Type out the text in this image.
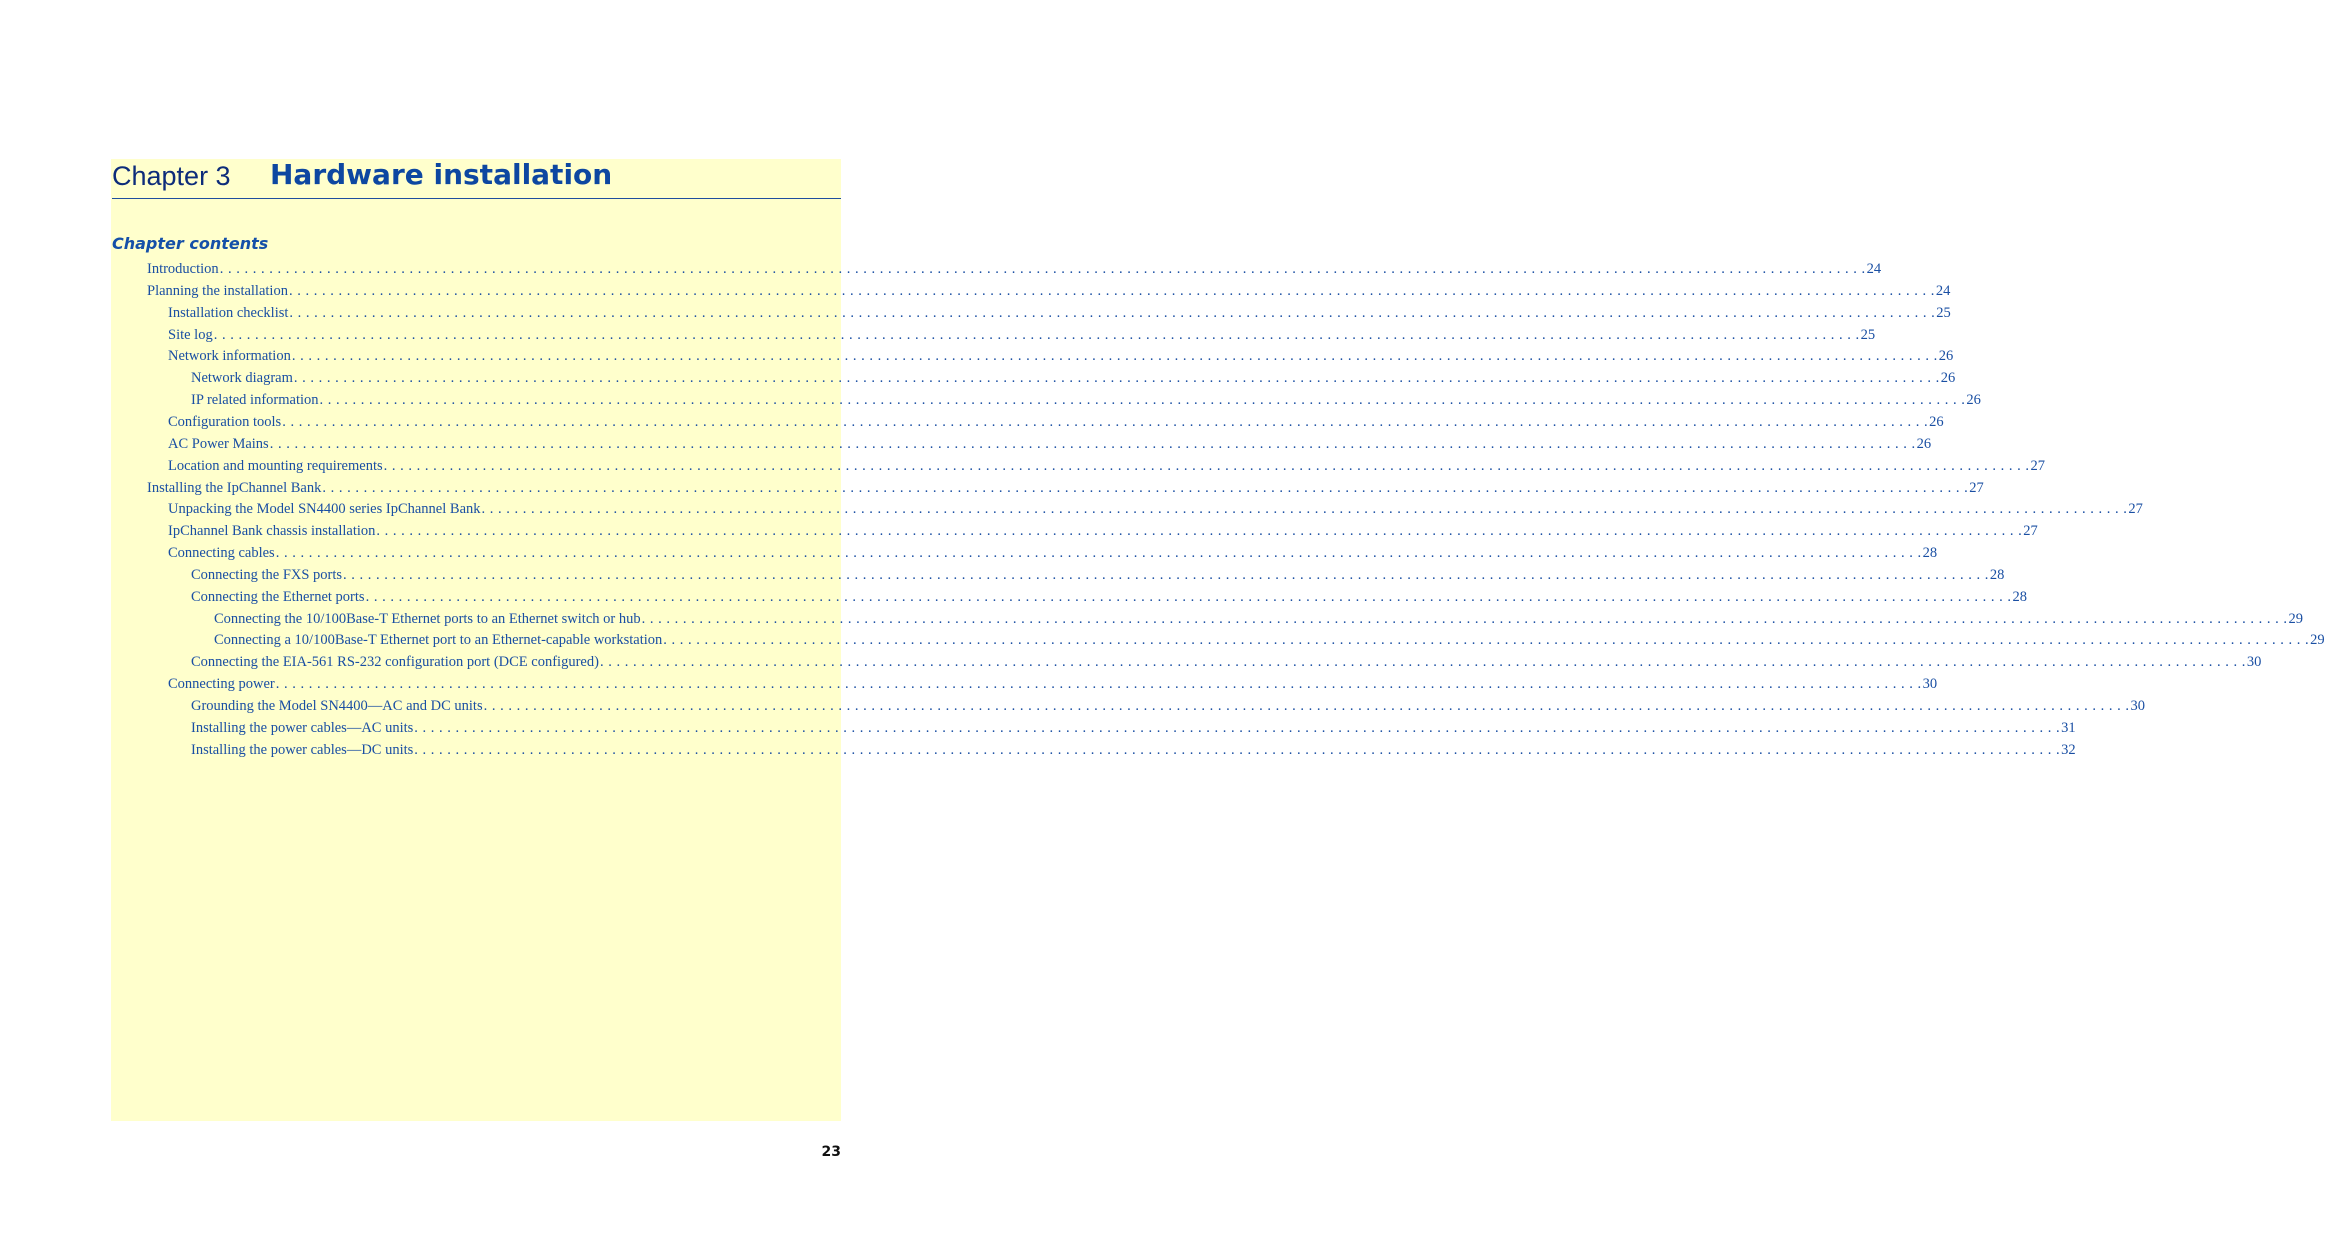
Chapter 3 Hardware installation
Chapter contents
Introduction . . . . . . . . . . . . . . . . . . . . . . . . . . . . . . . . . . . . . . . . . . . . . . . . . . . . . . . . . . . . . . . . . . . . . . . . . . . . . . . . . . . . . . . . . . . . . . . . . . . . . . . . . . . . . . . . . . . . . . . . . . . . . . . . . . . . . . . . . . . . . . . . . . . . . . . . . . . . . . . . . . . . . . . . . . . . . . . . . . . . . . . . . . . . . . . . . . . . . . . . 24
Planning the installation . . . . . . . . . . . . . . . . . . . . . . . . . . . . . . . . . . . . . . . . . . . . . . . . . . . . . . . . . . . . . . . . . . . . . . . . . . . . . . . . . . . . . . . . . . . . . . . . . . . . . . . . . . . . . . . . . . . . . . . . . . . . . . . . . . . . . . . . . . . . . . . . . . . . . . . . . . . . . . . . . . . . . . . . . . . . . . . . . . . . . . . . . . . . . . . . . . . . . . . . 24
Installation checklist . . . . . . . . . . . . . . . . . . . . . . . . . . . . . . . . . . . . . . . . . . . . . . . . . . . . . . . . . . . . . . . . . . . . . . . . . . . . . . . . . . . . . . . . . . . . . . . . . . . . . . . . . . . . . . . . . . . . . . . . . . . . . . . . . . . . . . . . . . . . . . . . . . . . . . . . . . . . . . . . . . . . . . . . . . . . . . . . . . . . . . . . . . . . . . . . . . . . . . . . 25
Site log . . . . . . . . . . . . . . . . . . . . . . . . . . . . . . . . . . . . . . . . . . . . . . . . . . . . . . . . . . . . . . . . . . . . . . . . . . . . . . . . . . . . . . . . . . . . . . . . . . . . . . . . . . . . . . . . . . . . . . . . . . . . . . . . . . . . . . . . . . . . . . . . . . . . . . . . . . . . . . . . . . . . . . . . . . . . . . . . . . . . . . . . . . . . . . . . . . . . . . . . 25
Network information . . . . . . . . . . . . . . . . . . . . . . . . . . . . . . . . . . . . . . . . . . . . . . . . . . . . . . . . . . . . . . . . . . . . . . . . . . . . . . . . . . . . . . . . . . . . . . . . . . . . . . . . . . . . . . . . . . . . . . . . . . . . . . . . . . . . . . . . . . . . . . . . . . . . . . . . . . . . . . . . . . . . . . . . . . . . . . . . . . . . . . . . . . . . . . . . . . . . . . . . 26
Network diagram . . . . . . . . . . . . . . . . . . . . . . . . . . . . . . . . . . . . . . . . . . . . . . . . . . . . . . . . . . . . . . . . . . . . . . . . . . . . . . . . . . . . . . . . . . . . . . . . . . . . . . . . . . . . . . . . . . . . . . . . . . . . . . . . . . . . . . . . . . . . . . . . . . . . . . . . . . . . . . . . . . . . . . . . . . . . . . . . . . . . . . . . . . . . . . . . . . . . . . . . 26
IP related information . . . . . . . . . . . . . . . . . . . . . . . . . . . . . . . . . . . . . . . . . . . . . . . . . . . . . . . . . . . . . . . . . . . . . . . . . . . . . . . . . . . . . . . . . . . . . . . . . . . . . . . . . . . . . . . . . . . . . . . . . . . . . . . . . . . . . . . . . . . . . . . . . . . . . . . . . . . . . . . . . . . . . . . . . . . . . . . . . . . . . . . . . . . . . . . . . . . . . . . . 26
Configuration tools . . . . . . . . . . . . . . . . . . . . . . . . . . . . . . . . . . . . . . . . . . . . . . . . . . . . . . . . . . . . . . . . . . . . . . . . . . . . . . . . . . . . . . . . . . . . . . . . . . . . . . . . . . . . . . . . . . . . . . . . . . . . . . . . . . . . . . . . . . . . . . . . . . . . . . . . . . . . . . . . . . . . . . . . . . . . . . . . . . . . . . . . . . . . . . . . . . . . . . . . 26
AC Power Mains . . . . . . . . . . . . . . . . . . . . . . . . . . . . . . . . . . . . . . . . . . . . . . . . . . . . . . . . . . . . . . . . . . . . . . . . . . . . . . . . . . . . . . . . . . . . . . . . . . . . . . . . . . . . . . . . . . . . . . . . . . . . . . . . . . . . . . . . . . . . . . . . . . . . . . . . . . . . . . . . . . . . . . . . . . . . . . . . . . . . . . . . . . . . . . . . . . . . . . . . 26
Location and mounting requirements . . . . . . . . . . . . . . . . . . . . . . . . . . . . . . . . . . . . . . . . . . . . . . . . . . . . . . . . . . . . . . . . . . . . . . . . . . . . . . . . . . . . . . . . . . . . . . . . . . . . . . . . . . . . . . . . . . . . . . . . . . . . . . . . . . . . . . . . . . . . . . . . . . . . . . . . . . . . . . . . . . . . . . . . . . . . . . . . . . . . . . . . . . . . . . . . . . . . . . . . 27
Installing the IpChannel Bank . . . . . . . . . . . . . . . . . . . . . . . . . . . . . . . . . . . . . . . . . . . . . . . . . . . . . . . . . . . . . . . . . . . . . . . . . . . . . . . . . . . . . . . . . . . . . . . . . . . . . . . . . . . . . . . . . . . . . . . . . . . . . . . . . . . . . . . . . . . . . . . . . . . . . . . . . . . . . . . . . . . . . . . . . . . . . . . . . . . . . . . . . . . . . . . . . . . . . . . . 27
Unpacking the Model SN4400 series IpChannel Bank . . . . . . . . . . . . . . . . . . . . . . . . . . . . . . . . . . . . . . . . . . . . . . . . . . . . . . . . . . . . . . . . . . . . . . . . . . . . . . . . . . . . . . . . . . . . . . . . . . . . . . . . . . . . . . . . . . . . . . . . . . . . . . . . . . . . . . . . . . . . . . . . . . . . . . . . . . . . . . . . . . . . . . . . . . . . . . . . . . . . . . . . . . . . . . . . . . . . . . . . 27
IpChannel Bank chassis installation . . . . . . . . . . . . . . . . . . . . . . . . . . . . . . . . . . . . . . . . . . . . . . . . . . . . . . . . . . . . . . . . . . . . . . . . . . . . . . . . . . . . . . . . . . . . . . . . . . . . . . . . . . . . . . . . . . . . . . . . . . . . . . . . . . . . . . . . . . . . . . . . . . . . . . . . . . . . . . . . . . . . . . . . . . . . . . . . . . . . . . . . . . . . . . . . . . . . . . . . 27
Connecting cables . . . . . . . . . . . . . . . . . . . . . . . . . . . . . . . . . . . . . . . . . . . . . . . . . . . . . . . . . . . . . . . . . . . . . . . . . . . . . . . . . . . . . . . . . . . . . . . . . . . . . . . . . . . . . . . . . . . . . . . . . . . . . . . . . . . . . . . . . . . . . . . . . . . . . . . . . . . . . . . . . . . . . . . . . . . . . . . . . . . . . . . . . . . . . . . . . . . . . . . . 28
Connecting the FXS ports . . . . . . . . . . . . . . . . . . . . . . . . . . . . . . . . . . . . . . . . . . . . . . . . . . . . . . . . . . . . . . . . . . . . . . . . . . . . . . . . . . . . . . . . . . . . . . . . . . . . . . . . . . . . . . . . . . . . . . . . . . . . . . . . . . . . . . . . . . . . . . . . . . . . . . . . . . . . . . . . . . . . . . . . . . . . . . . . . . . . . . . . . . . . . . . . . . . . . . . . 28
Connecting the Ethernet ports . . . . . . . . . . . . . . . . . . . . . . . . . . . . . . . . . . . . . . . . . . . . . . . . . . . . . . . . . . . . . . . . . . . . . . . . . . . . . . . . . . . . . . . . . . . . . . . . . . . . . . . . . . . . . . . . . . . . . . . . . . . . . . . . . . . . . . . . . . . . . . . . . . . . . . . . . . . . . . . . . . . . . . . . . . . . . . . . . . . . . . . . . . . . . . . . . . . . . . . . 28
Connecting the 10/100Base-T Ethernet ports to an Ethernet switch or hub . . . . . . . . . . . . . . . . . . . . . . . . . . . . . . . . . . . . . . . . . . . . . . . . . . . . . . . . . . . . . . . . . . . . . . . . . . . . . . . . . . . . . . . . . . . . . . . . . . . . . . . . . . . . . . . . . . . . . . . . . . . . . . . . . . . . . . . . . . . . . . . . . . . . . . . . . . . . . . . . . . . . . . . . . . . . . . . . . . . . . . . . . . . . . . . . . . . . . . . . 29
Connecting a 10/100Base-T Ethernet port to an Ethernet-capable workstation . . . . . . . . . . . . . . . . . . . . . . . . . . . . . . . . . . . . . . . . . . . . . . . . . . . . . . . . . . . . . . . . . . . . . . . . . . . . . . . . . . . . . . . . . . . . . . . . . . . . . . . . . . . . . . . . . . . . . . . . . . . . . . . . . . . . . . . . . . . . . . . . . . . . . . . . . . . . . . . . . . . . . . . . . . . . . . . . . . . . . . . . . . . . . . . . . . . . . . . . 29
Connecting the EIA-561 RS-232 configuration port (DCE configured) . . . . . . . . . . . . . . . . . . . . . . . . . . . . . . . . . . . . . . . . . . . . . . . . . . . . . . . . . . . . . . . . . . . . . . . . . . . . . . . . . . . . . . . . . . . . . . . . . . . . . . . . . . . . . . . . . . . . . . . . . . . . . . . . . . . . . . . . . . . . . . . . . . . . . . . . . . . . . . . . . . . . . . . . . . . . . . . . . . . . . . . . . . . . . . . . . . . . . . . . 30
Connecting power . . . . . . . . . . . . . . . . . . . . . . . . . . . . . . . . . . . . . . . . . . . . . . . . . . . . . . . . . . . . . . . . . . . . . . . . . . . . . . . . . . . . . . . . . . . . . . . . . . . . . . . . . . . . . . . . . . . . . . . . . . . . . . . . . . . . . . . . . . . . . . . . . . . . . . . . . . . . . . . . . . . . . . . . . . . . . . . . . . . . . . . . . . . . . . . . . . . . . . . . 30
Grounding the Model SN4400—AC and DC units . . . . . . . . . . . . . . . . . . . . . . . . . . . . . . . . . . . . . . . . . . . . . . . . . . . . . . . . . . . . . . . . . . . . . . . . . . . . . . . . . . . . . . . . . . . . . . . . . . . . . . . . . . . . . . . . . . . . . . . . . . . . . . . . . . . . . . . . . . . . . . . . . . . . . . . . . . . . . . . . . . . . . . . . . . . . . . . . . . . . . . . . . . . . . . . . . . . . . . . . 30
Installing the power cables—AC units . . . . . . . . . . . . . . . . . . . . . . . . . . . . . . . . . . . . . . . . . . . . . . . . . . . . . . . . . . . . . . . . . . . . . . . . . . . . . . . . . . . . . . . . . . . . . . . . . . . . . . . . . . . . . . . . . . . . . . . . . . . . . . . . . . . . . . . . . . . . . . . . . . . . . . . . . . . . . . . . . . . . . . . . . . . . . . . . . . . . . . . . . . . . . . . . . . . . . . . . 31
Installing the power cables—DC units . . . . . . . . . . . . . . . . . . . . . . . . . . . . . . . . . . . . . . . . . . . . . . . . . . . . . . . . . . . . . . . . . . . . . . . . . . . . . . . . . . . . . . . . . . . . . . . . . . . . . . . . . . . . . . . . . . . . . . . . . . . . . . . . . . . . . . . . . . . . . . . . . . . . . . . . . . . . . . . . . . . . . . . . . . . . . . . . . . . . . . . . . . . . . . . . . . . . . . . . 32
23
